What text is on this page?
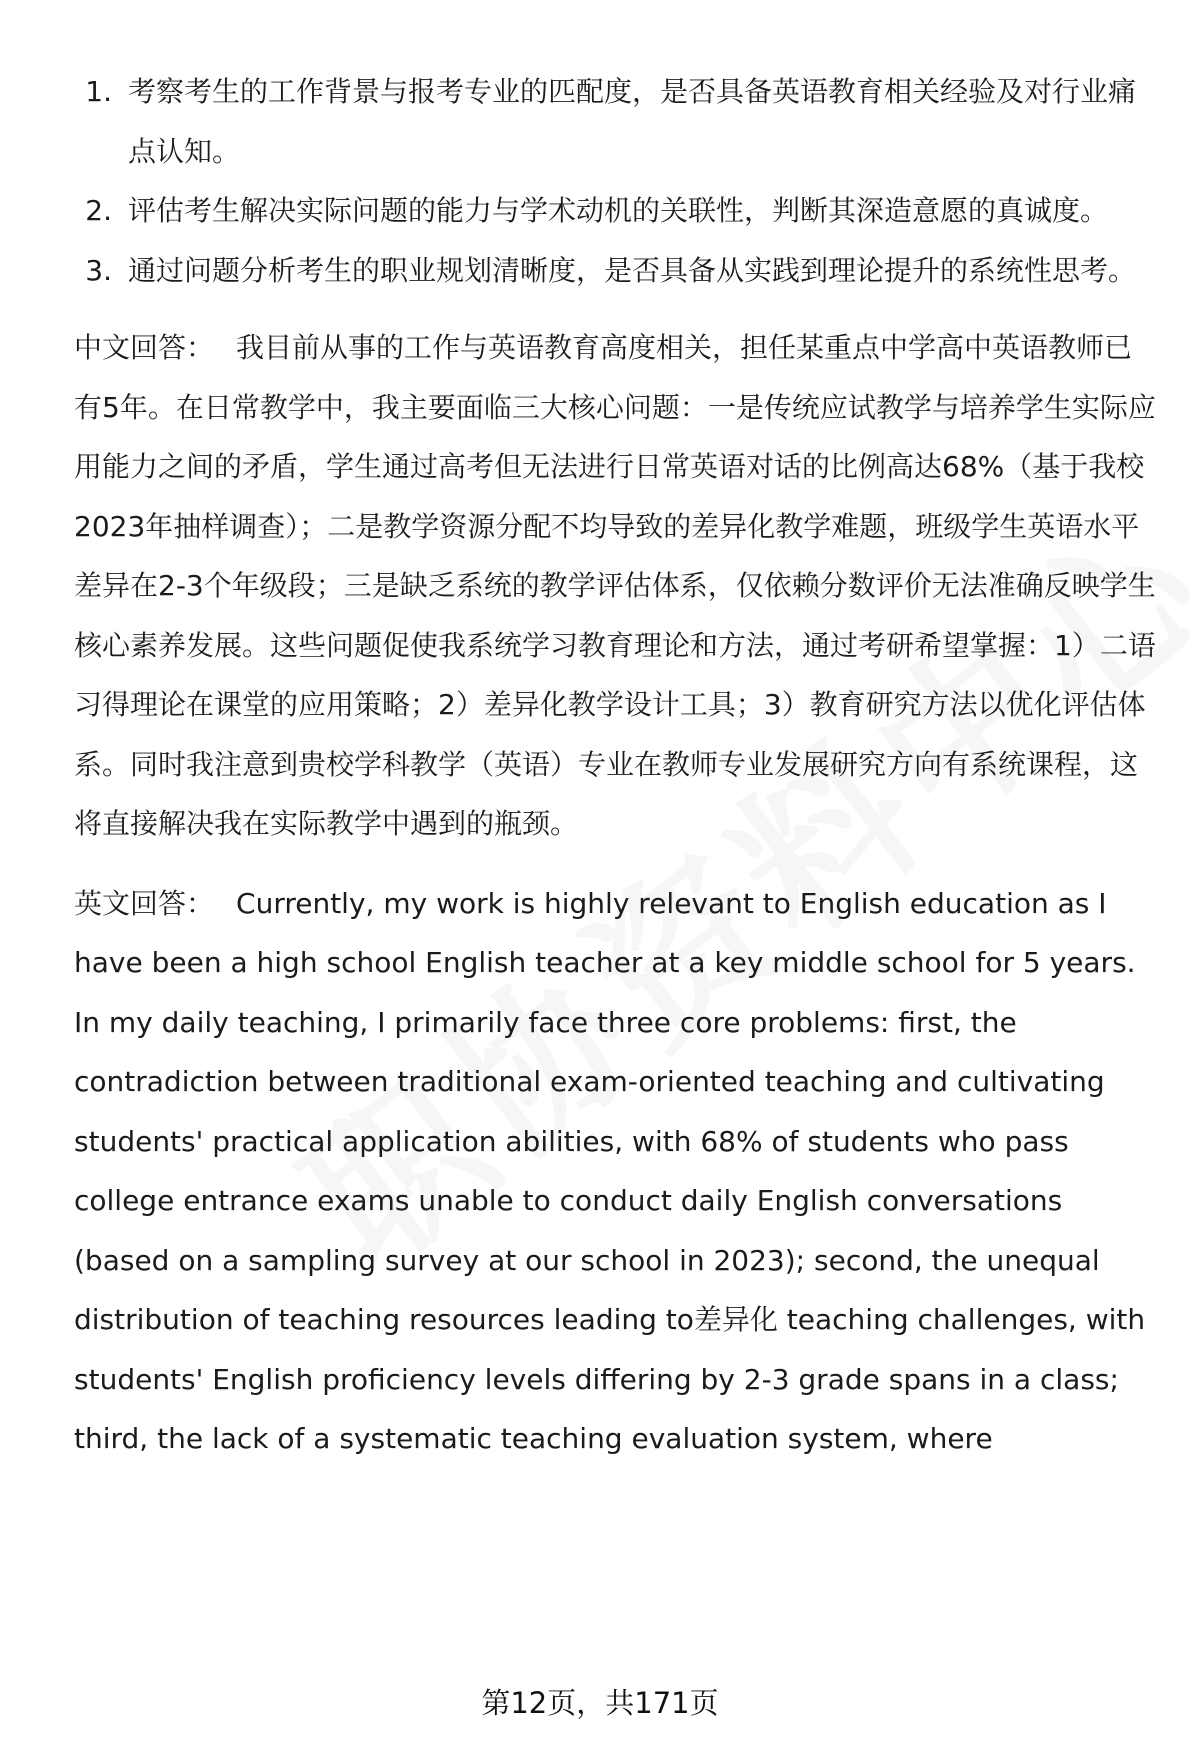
1. 考察考生的工作背景与报考专业的匹配度，是否具备英语教育相关经验及对行业痛点认知。
2. 评估考生解决实际问题的能力与学术动机的关联性，判断其深造意愿的真诚度。
3. 通过问题分析考生的职业规划清晰度，是否具备从实践到理论提升的系统性思考。

中文回答： 我目前从事的工作与英语教育高度相关，担任某重点中学高中英语教师已有5年。在日常教学中，我主要面临三大核心问题：一是传统应试教学与培养学生实际应用能力之间的矛盾，学生通过高考但无法进行日常英语对话的比例高达68%（基于我校2023年抽样调查）；二是教学资源分配不均导致的差异化教学难题，班级学生英语水平差异在2-3个年级段；三是缺乏系统的教学评估体系，仅依赖分数评价无法准确反映学生核心素养发展。这些问题促使我系统学习教育理论和方法，通过考研希望掌握：1）二语习得理论在课堂的应用策略；2）差异化教学设计工具；3）教育研究方法以优化评估体系。同时我注意到贵校学科教学（英语）专业在教师专业发展研究方向有系统课程，这将直接解决我在实际教学中遇到的瓶颈。

英文回答： Currently, my work is highly relevant to English education as I have been a high school English teacher at a key middle school for 5 years. In my daily teaching, I primarily face three core problems: first, the contradiction between traditional exam-oriented teaching and cultivating students' practical application abilities, with 68% of students who pass college entrance exams unable to conduct daily English conversations (based on a sampling survey at our school in 2023); second, the unequal distribution of teaching resources leading to差异化 teaching challenges, with students' English proficiency levels differing by 2-3 grade spans in a class; third, the lack of a systematic teaching evaluation system, where

第12页，共171页
